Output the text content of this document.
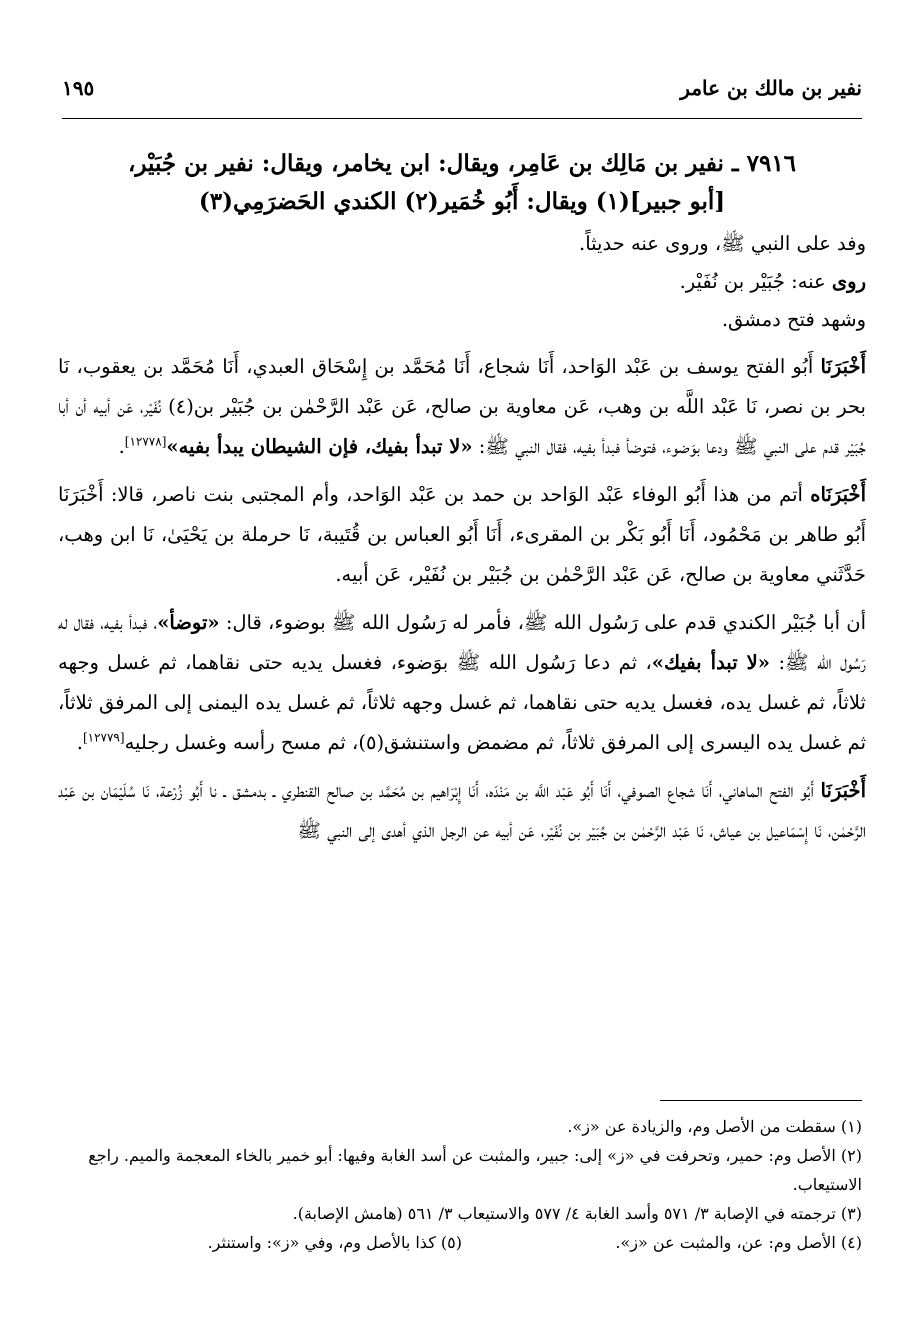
نفير بن مالك بن عامر
١٩٥

٧٩١٦ ـ نفير بن مَالِك بن عَامِر، ويقال: ابن يخامر، ويقال: نفير بن جُبَيْر،

[أبو جبير](١) ويقال: أَبُو خُمَير(٢) الكندي الحَضرَمِي(٣)

وفد على النبي ﷺ، وروى عنه حديثاً.

روى عنه: جُبَيْر بن نُفَيْر.

وشهد فتح دمشق.

أَخْبَرَنَا أَبُو الفتح يوسف بن عَبْد الوَاحد، أَنَا شجاع، أَنَا مُحَمَّد بن إِسْحَاق العبدي، أَنَا مُحَمَّد بن يعقوب، نَا بحر بن نصر، نَا عَبْد اللَّه بن وهب، عَن معاوية بن صالح، عَن عَبْد الرَّحْمٰن بن جُبَيْر بن(٤) نُفَيْر، عَن أبيه أن أبا جُبَيْر قدم على النبي ﷺ ودعا بوَضوء، فتوضأ فبدأ بفيه، فقال النبي ﷺ: «لا تبدأ بفيك، فإن الشيطان يبدأ بفيه»[١٢٧٧٨].

أَخْبَرَنَاه أتم من هذا أَبُو الوفاء عَبْد الوَاحد بن حمد بن عَبْد الوَاحد، وأم المجتبى بنت ناصر، قالا: أَخْبَرَنَا أَبُو طاهر بن مَحْمُود، أَنَا أَبُو بَكْر بن المقرىء، أَنَا أَبُو العباس بن قُتَيبة، نَا حرملة بن يَحْيَىٰ، نَا ابن وهب، حَدَّثَني معاوية بن صالح، عَن عَبْد الرَّحْمٰن بن جُبَيْر بن نُفَيْر، عَن أبيه.

أن أبا جُبَيْر الكندي قدم على رَسُول الله ﷺ، فأمر له رَسُول الله ﷺ بوضوء، قال: «توضأ»، فبدأ بفيه، فقال له رَسُول الله ﷺ: «لا تبدأ بفيك»، ثم دعا رَسُول الله ﷺ بوَضوء، فغسل يديه حتى نقاهما، ثم غسل وجهه ثلاثاً، ثم غسل يده، فغسل يديه حتى نقاهما، ثم غسل وجهه ثلاثاً، ثم غسل يده اليمنى إلى المرفق ثلاثاً، ثم غسل يده اليسرى إلى المرفق ثلاثاً، ثم مضمض واستنشق(٥)، ثم مسح رأسه وغسل رجليه[١٢٧٧٩].

أَخْبَرَنَا أَبُو الفتح الماهاني، أَنَا شجاع الصوفي، أَنَا أَبُو عَبْد اللَّه بن مَنْدَه، أَنَا إِبْرَاهيم بن مُحَمَّد بن صالح القنطري ـ بدمشق ـ نا أَبُو زُرْعة، نَا سُلَيْمَان بن عَبْد الرَّحْمٰن، نَا إِسْمَاعيل بن عياش، نَا عَبْد الرَّحْمٰن بن جُبَيْر بن نُفَيْر، عَن أبيه عن الرجل الذي أهدى إلى النبي ﷺ

(١) سقطت من الأصل وم، والزيادة عن «ز».

(٢) الأصل وم: حمير، وتحرفت في «ز» إلى: جبير، والمثبت عن أسد الغابة وفيها: أبو خمير بالخاء المعجمة والميم. راجع الاستيعاب.

(٣) ترجمته في الإصابة ٣/ ٥٧١ وأسد الغابة ٤/ ٥٧٧ والاستيعاب ٣/ ٥٦١ (هامش الإصابة).

(٤) الأصل وم: عن، والمثبت عن «ز».

(٥) كذا بالأصل وم، وفي «ز»: واستنثر.
